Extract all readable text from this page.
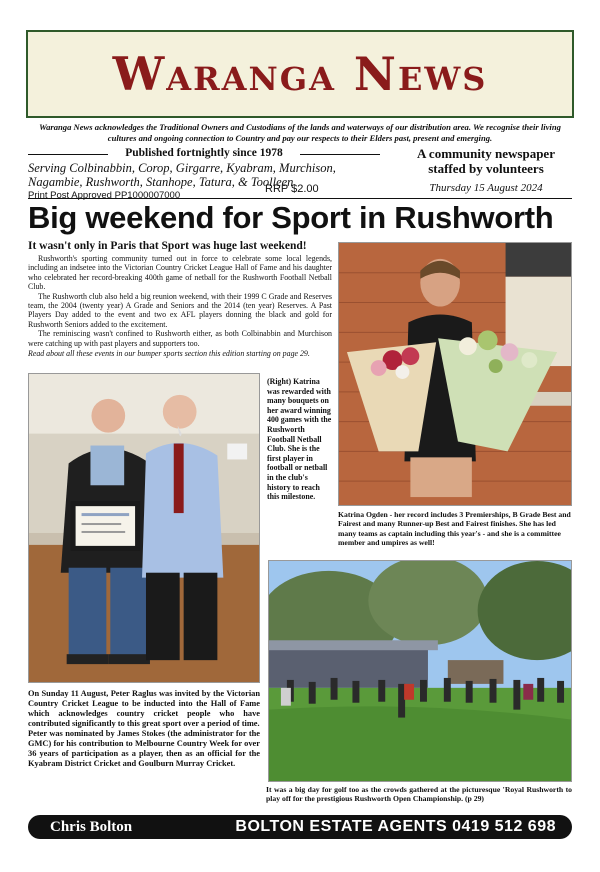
Waranga News
Waranga News acknowledges the Traditional Owners and Custodians of the lands and waterways of our distribution area. We recognise their living cultures and ongoing connection to Country and pay our respects to their Elders past, present and emerging.
Published fortnightly since 1978
Serving Colbinabbin, Corop, Girgarre, Kyabram, Murchison, Nagambie, Rushworth, Stanhope, Tatura, & Toolleen
Print Post Approved PP1000007000
RRP $2.00
A community newspaper staffed by volunteers
Thursday 15 August 2024
Big weekend for Sport in Rushworth
It wasn't only in Paris that Sport was huge last weekend!

Rushworth's sporting community turned out in force to celebrate some local legends, including an indsetee into the Victorian Country Cricket League Hall of Fame and his daughter who celebrated her record-breaking 400th game of netball for the Rushworth Football Netball Club.

The Rushworth club also held a big reunion weekend, with their 1999 C Grade and Reserves team, the 2004 (twenty year) A Grade and Seniors and the 2014 (ten year) Reserves. A Past Players Day added to the event and two ex AFL players donning the black and gold for Rushworth Seniors added to the excitement.

The reminiscing wasn't confined to Rushworth either, as both Colbinabbin and Murchison were catching up with past players and supporters too.

Read about all these events in our bumper sports section this edition starting on page 29.

(Right) Katrina was rewarded with many bouquets on her award winning 400 games with the Rushworth Football Netball Club. She is the first player in football or netball in the club's history to reach this milestone.
Katrina Ogden - her record includes 3 Premierships, B Grade Best and Fairest and many Runner-up Best and Fairest finishes. She has led many teams as captain including this year's - and she is a committee member and umpires as well!

On Sunday 11 August, Peter Raglus was invited by the Victorian Country Cricket League to be inducted into the Hall of Fame which acknowledges country cricket people who have contributed significantly to this great sport over a period of time.

Peter was nominated by James Stokes (the administrator for the GMC) for his contribution to Melbourne Country Week for over 36 years of participation as a player, then as an official for the Kyabram District Cricket and Goulburn Murray Cricket.

It was a big day for golf too as the crowds gathered at the picturesque 'Royal Rushworth to play off for the prestigious Rushworth Open Championship. (p 29)
Chris Bolton	BOLTON ESTATE AGENTS 0419 512 698
